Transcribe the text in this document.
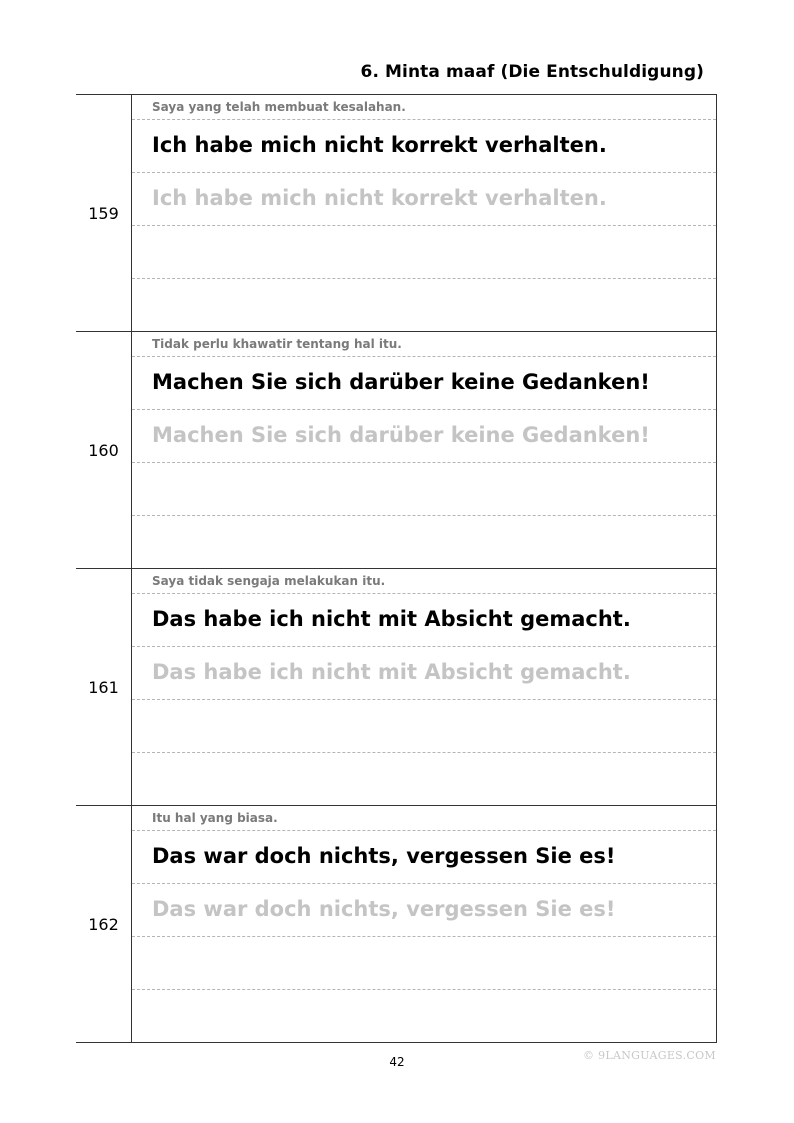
6. Minta maaf (Die Entschuldigung)
159
Saya yang telah membuat kesalahan.
Ich habe mich nicht korrekt verhalten.
Ich habe mich nicht korrekt verhalten.
160
Tidak perlu khawatir tentang hal itu.
Machen Sie sich darüber keine Gedanken!
Machen Sie sich darüber keine Gedanken!
161
Saya tidak sengaja melakukan itu.
Das habe ich nicht mit Absicht gemacht.
Das habe ich nicht mit Absicht gemacht.
162
Itu hal yang biasa.
Das war doch nichts, vergessen Sie es!
Das war doch nichts, vergessen Sie es!
42	© 9LANGUAGES.COM
